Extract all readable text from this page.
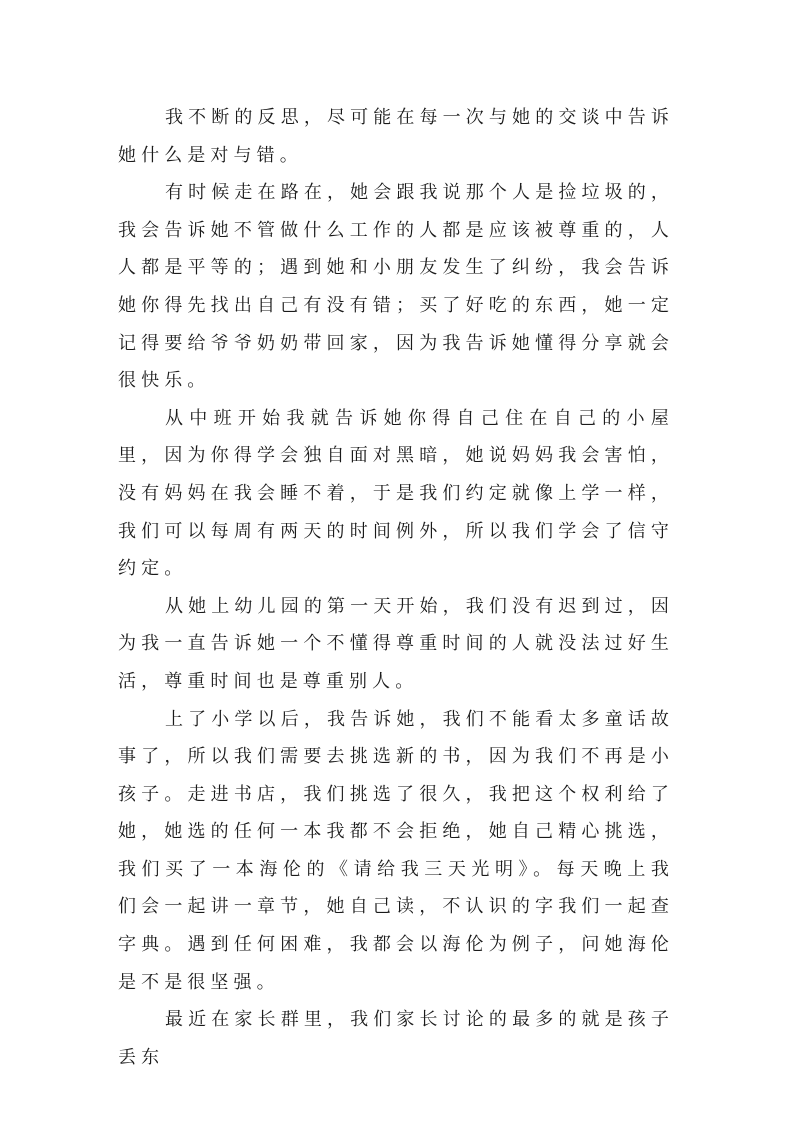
我不断的反思，尽可能在每一次与她的交谈中告诉她什么是对与错。

有时候走在路在，她会跟我说那个人是捡垃圾的，我会告诉她不管做什么工作的人都是应该被尊重的，人人都是平等的；遇到她和小朋友发生了纠纷，我会告诉她你得先找出自己有没有错；买了好吃的东西，她一定记得要给爷爷奶奶带回家，因为我告诉她懂得分享就会很快乐。

从中班开始我就告诉她你得自己住在自己的小屋里，因为你得学会独自面对黑暗，她说妈妈我会害怕，没有妈妈在我会睡不着，于是我们约定就像上学一样，我们可以每周有两天的时间例外，所以我们学会了信守约定。

从她上幼儿园的第一天开始，我们没有迟到过，因为我一直告诉她一个不懂得尊重时间的人就没法过好生活，尊重时间也是尊重别人。

上了小学以后，我告诉她，我们不能看太多童话故事了，所以我们需要去挑选新的书，因为我们不再是小孩子。走进书店，我们挑选了很久，我把这个权利给了她，她选的任何一本我都不会拒绝，她自己精心挑选，我们买了一本海伦的《请给我三天光明》。每天晚上我们会一起讲一章节，她自己读，不认识的字我们一起查字典。遇到任何困难，我都会以海伦为例子，问她海伦是不是很坚强。

最近在家长群里，我们家长讨论的最多的就是孩子丢东
